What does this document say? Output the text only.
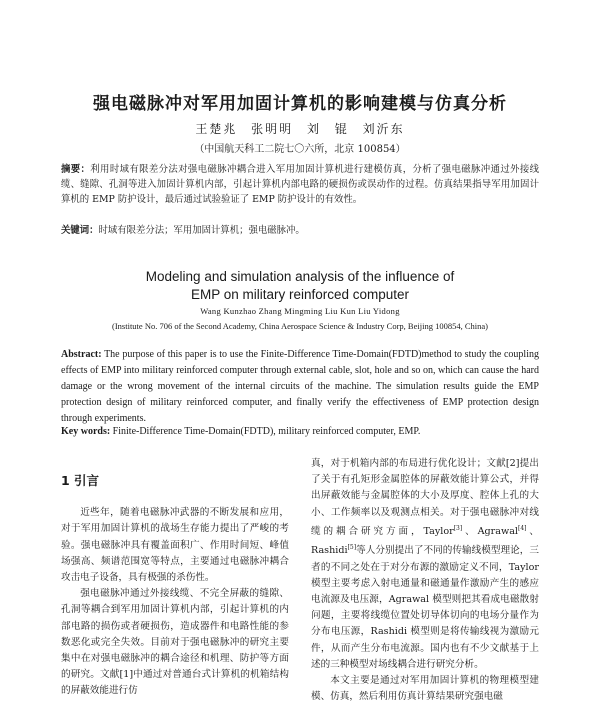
强电磁脉冲对军用加固计算机的影响建模与仿真分析
王楚兆 张明明 刘 锟 刘沂东
（中国航天科工二院七〇六所，北京 100854）
摘要：利用时域有限差分法对强电磁脉冲耦合进入军用加固计算机进行建模仿真，分析了强电磁脉冲通过外接线缆、缝隙、孔洞等进入加固计算机内部，引起计算机内部电路的硬损伤或误动作的过程。仿真结果指导军用加固计算机的 EMP 防护设计，最后通过试验验证了 EMP 防护设计的有效性。
关键词：时域有限差分法；军用加固计算机；强电磁脉冲。
Modeling and simulation analysis of the influence of
EMP on military reinforced computer
Wang Kunzhao Zhang Mingming Liu Kun Liu Yidong
(Institute No. 706 of the Second Academy, China Aerospace Science & Industry Corp, Beijing 100854, China)
Abstract: The purpose of this paper is to use the Finite-Difference Time-Domain(FDTD)method to study the coupling effects of EMP into military reinforced computer through external cable, slot, hole and so on, which can cause the hard damage or the wrong movement of the internal circuits of the machine. The simulation results guide the EMP protection design of military reinforced computer, and finally verify the effectiveness of EMP protection design through experiments.
Key words: Finite-Difference Time-Domain(FDTD), military reinforced computer, EMP.
1 引言

近些年，随着电磁脉冲武器的不断发展和应用，对于军用加固计算机的战场生存能力提出了严峻的考验。强电磁脉冲具有覆盖面积广、作用时间短、峰值场强高、频谱范围宽等特点，主要通过电磁脉冲耦合攻击电子设备，具有极强的杀伤性。

强电磁脉冲通过外接线缆、不完全屏蔽的缝隙、孔洞等耦合到军用加固计算机内部，引起计算机的内部电路的损伤或者硬损伤，造成器件和电路性能的参数恶化或完全失效。目前对于强电磁脉冲的研究主要集中在对强电磁脉冲的耦合途径和机理、防护等方面的研究。文献[1]中通过对普通台式计算机的机箱结构的屏蔽效能进行仿

真，对于机箱内部的布局进行优化设计；文献[2]提出了关于有孔矩形金属腔体的屏蔽效能计算公式，并得出屏蔽效能与金属腔体的大小及厚度、腔体上孔的大小、工作频率以及观测点相关。对于强电磁脉冲对线缆的耦合研究方面，Taylor[3]、Agrawal[4]、Rashidi[5]等人分别提出了不同的传输线模型理论，三者的不同之处在于对分布源的激励定义不同，Taylor 模型主要考虑入射电通量和磁通量作激励产生的感应电流源及电压源，Agrawal 模型则把其看成电磁散射问题，主要将线缆位置处切导体切向的电场分量作为分布电压源，Rashidi 模型则是将传输线视为激励元件，从而产生分布电流源。国内也有不少文献基于上述的三种模型对场线耦合进行研究分析。

本文主要是通过对军用加固计算机的物理模型建模、仿真，然后利用仿真计算结果研究强电磁
